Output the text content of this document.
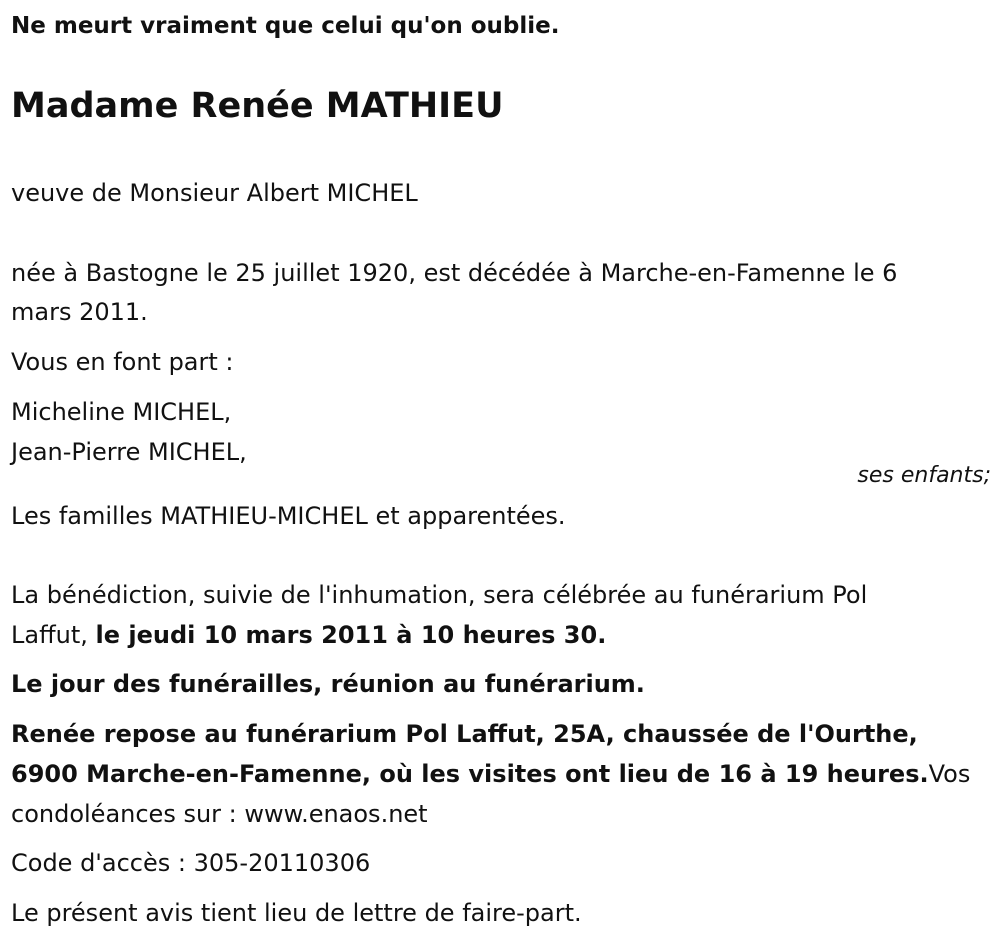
Ne meurt vraiment que celui qu'on oublie.
Madame Renée MATHIEU
veuve de Monsieur Albert MICHEL
née à Bastogne le 25 juillet 1920, est décédée à Marche-en-Famenne le 6
mars 2011.
Vous en font part :
Micheline MICHEL,
Jean-Pierre MICHEL,
ses enfants;
Les familles MATHIEU-MICHEL et apparentées.
La bénédiction, suivie de l'inhumation, sera célébrée au funérarium Pol
Laffut, le jeudi 10 mars 2011 à 10 heures 30.
Le jour des funérailles, réunion au funérarium.
Renée repose au funérarium Pol Laffut, 25A, chaussée de l'Ourthe,
6900 Marche-en-Famenne, où les visites ont lieu de 16 à 19 heures.Vos
condoléances sur : www.enaos.net
Code d'accès : 305-20110306
Le présent avis tient lieu de lettre de faire-part.
